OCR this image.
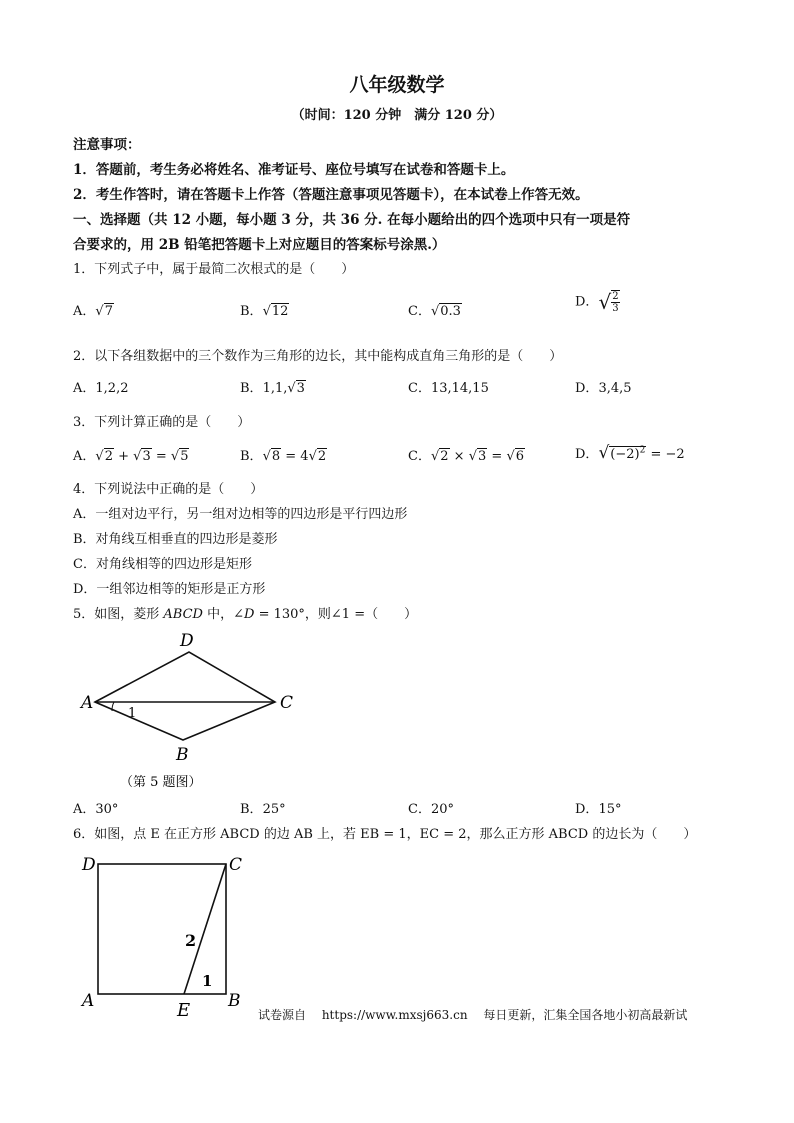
八年级数学
（时间：120 分钟　满分 120 分）
注意事项：
1．答题前，考生务必将姓名、准考证号、座位号填写在试卷和答题卡上。
2．考生作答时，请在答题卡上作答（答题注意事项见答题卡），在本试卷上作答无效。
一、选择题（共 12 小题，每小题 3 分，共 36 分. 在每小题给出的四个选项中只有一项是符
合要求的，用 2B 铅笔把答题卡上对应题目的答案标号涂黑.）
1．下列式子中，属于最简二次根式的是（　　）
A．√7	B．√12	C．√0.3
D．√ $\frac{2}{3}$
2．以下各组数据中的三个数作为三角形的边长，其中能构成直角三角形的是（　　）
A．1,2,2	B．1,1,√3	C．13,14,15	D．3,4,5
3．下列计算正确的是（　　）
A．√2 + √3 = √5	B．√8 = 4√2	C．√2 × √3 = √6	D．$√(-2)^2 = -2$
4．下列说法中正确的是（　　）
A．一组对边平行，另一组对边相等的四边形是平行四边形
B．对角线互相垂直的四边形是菱形
C．对角线相等的四边形是矩形
D．一组邻边相等的矩形是正方形
5．如图，菱形 ABCD 中，∠D = 130°，则∠1 =（　　）
A
D
C
B
1
（第 5 题图）
A．30°	B．25°	C．20°	D．15°
6．如图，点 E 在正方形 ABCD 的边 AB 上，若 EB = 1，EC = 2，那么正方形 ABCD 的边长为（　　）
D	C
A	B
E
2
1
试卷源自　 https://www.mxsj663.cn 　每日更新，汇集全国各地小初高最新试
